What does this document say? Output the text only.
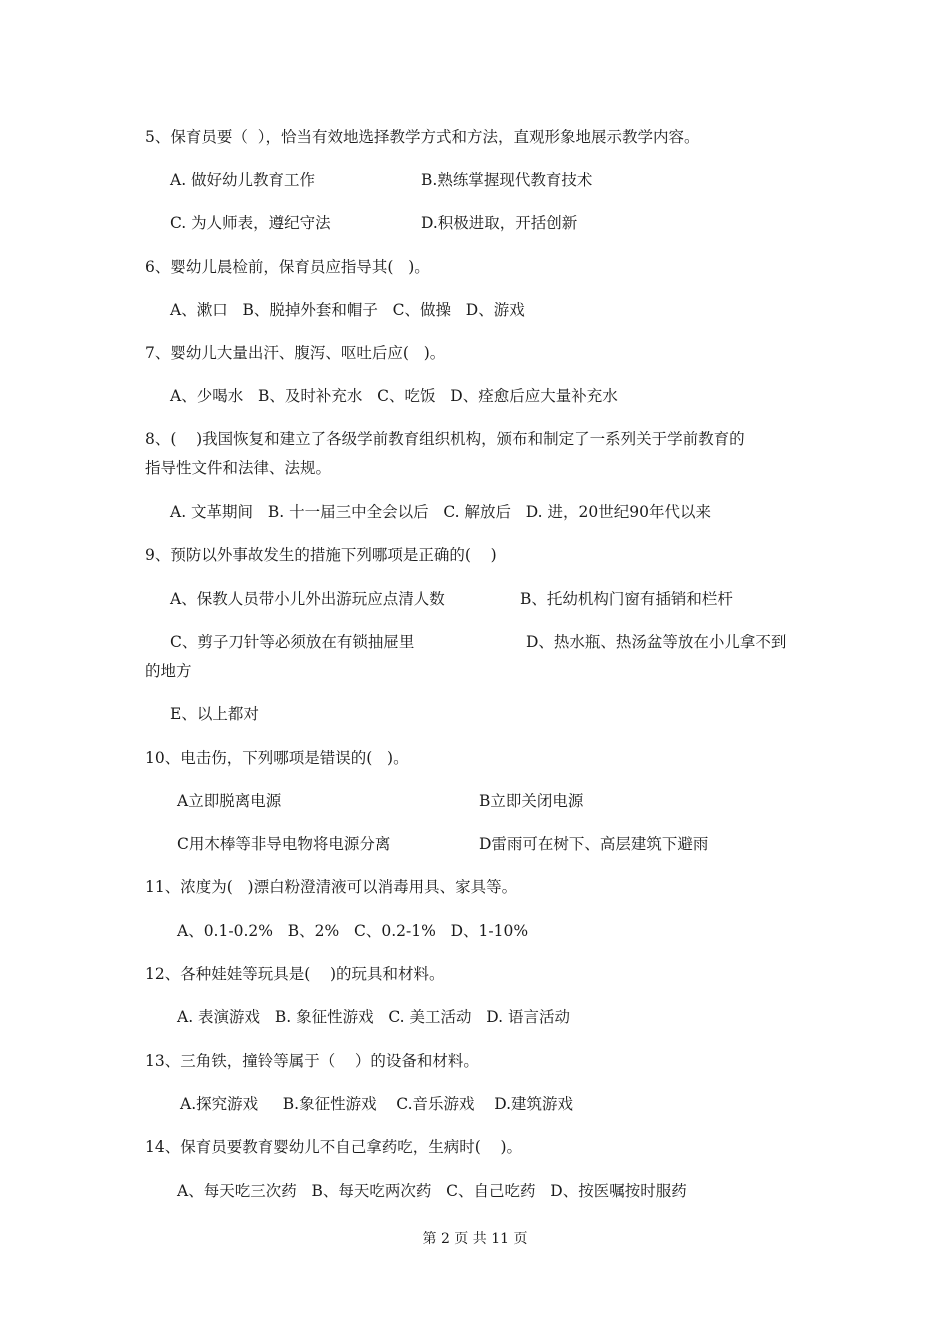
5、保育员要（  ），恰当有效地选择教学方式和方法，直观形象地展示教学内容。
A. 做好幼儿教育工作	B.熟练掌握现代教育技术
C. 为人师表，遵纪守法	D.积极进取，开括创新
6、婴幼儿晨检前，保育员应指导其(   )。
A、漱口   B、脱掉外套和帽子   C、做操   D、游戏
7、婴幼儿大量出汗、腹泻、呕吐后应(   )。
A、少喝水   B、及时补充水   C、吃饭   D、痊愈后应大量补充水
8、(    )我国恢复和建立了各级学前教育组织机构，颁布和制定了一系列关于学前教育的
指导性文件和法律、法规。
A. 文革期间   B. 十一届三中全会以后   C. 解放后   D. 进，20世纪90年代以来
9、预防以外事故发生的措施下列哪项是正确的(    )
A、保教人员带小儿外出游玩应点清人数	B、托幼机构门窗有插销和栏杆
C、剪子刀针等必须放在有锁抽屉里	D、热水瓶、热汤盆等放在小儿拿不到
的地方
E、以上都对
10、电击伤，下列哪项是错误的(   )。
A立即脱离电源	B立即关闭电源
C用木棒等非导电物将电源分离	D雷雨可在树下、高层建筑下避雨
11、浓度为(   )漂白粉澄清液可以消毒用具、家具等。
A、0.1-0.2%   B、2%   C、0.2-1%   D、1-10%
12、各种娃娃等玩具是(    )的玩具和材料。
A. 表演游戏   B. 象征性游戏   C. 美工活动   D. 语言活动
13、三角铁，撞铃等属于（    ）的设备和材料。
A.探究游戏     B.象征性游戏    C.音乐游戏    D.建筑游戏
14、保育员要教育婴幼儿不自己拿药吃，生病时(    )。
A、每天吃三次药   B、每天吃两次药   C、自己吃药   D、按医嘱按时服药
第 2 页 共 11 页
